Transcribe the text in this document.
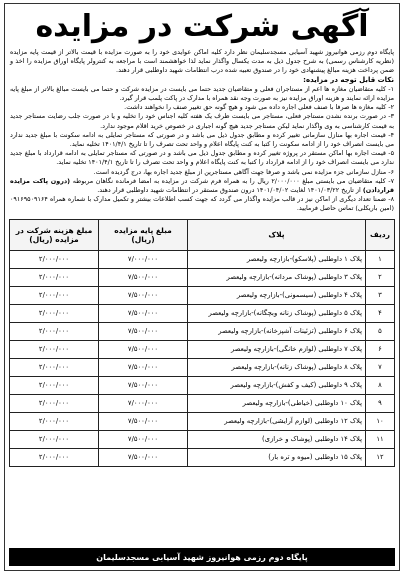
آگهی شرکت در مزایده

پایگاه دوم رزمی هوانیروز شهید آسیابی مسجدسلیمان نظر دارد کلیه اماکن عوایدی خود را به صورت مزایده با قیمت بالاتر از قیمت پایه مزایده (نظریه کارشناس رسمی) به شرح جدول ذیل به مدت یکسال واگذار نماید لذا خواهشمند است با مراجعه به کنترولر پایگاه اوراق مزایده را اخذ و ضمن پرداخت هزینه مبالغ پیشنهادی خود را در صندوق تعبیه شده درب انتظامات شهید داوطلبی قرار دهند.

نکات قابل توجه در مزایده:

۱- کلیه متقاضیان مغازه ها اعم از مستاجران فعلی و متقاضیان جدید حتما می بایست در مزایده شرکت و حتما می بایست مبالغ بالاتر از مبلغ پایه مزایده ارائه نمایند و هزینه اوراق مزایده نیز به صورت وجه نقد همراه با مدارک در پاکت پلمب قرار گیرد.

۲- کلیه مغازه ها صرفا با صنف فعلی اجاره داده می شود و هیچ گونه حق تغییر صنف را نخواهند داشت.

۳- در صورت برنده نشدن مستاجر فعلی، مستاجر می بایست ظرف یک هفته کلیه اجناس خود را تخلیه و یا در صورت جلب رضایت مستاجر جدید به قیمت کارشناسی به وی واگذار نماید لیکن مستاجر جدید هیچ گونه اجباری در خصوص خرید اقلام موجود ندارد.

۴- قیمت اجاره بها منازل سازمانی تغییر کرده و مطابق جدول ذیل می باشد و در صورتی که مستاجر تمایلی به ادامه سکونت با مبلغ جدید ندارد می بایست انصراف خود را از ادامه سکونت را کتبا به کنت پایگاه اعلام و واحد تحت تصرف را تا تاریخ ۱۴۰۱/۴/۱ تخلیه نماید.

۵- قیمت اجاره بها اماکن مستقر در پروژه تغییر کرده و مطابق جدول ذیل می باشد و در صورتی که مستاجر تمایلی به ادامه قرارداد با مبلغ جدید ندارد می بایست انصراف خود را از ادامه قرارداد را کتبا به کنت پایگاه اعلام و واحد تحت تصرف را تا تاریخ ۱۴۰۱/۴/۱ تخلیه نماید.

۶- منازل سازمانی جزء مزایده نمی باشد و صرفا جهت آگاهی مستاجرین از مبلغ جدید اجاره بها، درج گردیده است.

۷- کلیه متقاضیان می بایستی مبلغ ۲/۰۰۰/۰۰۰ ریال را به همراه فرم شرکت در مزایده به امضا فرمانده نگاهان مربوطه (درون پاکت مزایده قراردادن) از تاریخ ۱۴۰۱/۰۳/۲۲ لغایت ۱۴۰۱/۰۴/۰۲ درون صندوق مستقر در انتظامات شهید داوطلبی قرار دهند.

۸- ضمنا تعداد دیگری از اماکن نیز در قالب مزایده واگذار می گردد که جهت کسب اطلاعات بیشتر و تکمیل مدارک با شماره همراه ۰۹۱۶۹۵۰۹۱۶۴ (امین باریکلی) تماس حاصل فرمایید.

ردیف	پلاک	مبلغ پایه مزایده (ریال)	مبلغ هزینه شرکت در مزایده (ریال)
۱	پلاک ۱ داوطلبی (پلاسکو)-بازارچه ولیعصر	۷/۰۰۰/۰۰۰	۲/۰۰۰/۰۰۰
۲	پلاک ۳ داوطلبی (پوشاک مردانه)-بازارچه ولیعصر	۷/۵۰۰/۰۰۰	۲/۰۰۰/۰۰۰
۳	پلاک ۴ داوطلبی (سیسمونی)-بازارچه ولیعصر	۷/۵۰۰/۰۰۰	۲/۰۰۰/۰۰۰
۴	پلاک ۵ داوطلبی (پوشاک زنانه وبچگانه)-بازارچه ولیعصر	۷/۵۰۰/۰۰۰	۲/۰۰۰/۰۰۰
۵	پلاک ۶ داوطلبی (تزئینات آشپزخانه)-بازارچه ولیعصر	۷/۵۰۰/۰۰۰	۲/۰۰۰/۰۰۰
۶	پلاک ۷ داوطلبی (لوازم خانگی)-بازارچه ولیعصر	۷/۵۰۰/۰۰۰	۲/۰۰۰/۰۰۰
۷	پلاک ۸ داوطلبی (پوشاک زنانه)-بازارچه ولیعصر	۷/۵۰۰/۰۰۰	۲/۰۰۰/۰۰۰
۸	پلاک ۹ داوطلبی (کیف و کفش)-بازارچه ولیعصر	۷/۵۰۰/۰۰۰	۲/۰۰۰/۰۰۰
۹	پلاک ۱۰ داوطلبی (خیاطی)-بازارچه ولیعصر	۷/۰۰۰/۰۰۰	۲/۰۰۰/۰۰۰
۱۰	پلاک ۱۲ داوطلبی (لوازم آرایشی)-بازارچه ولیعصر	۷/۵۰۰/۰۰۰	۲/۰۰۰/۰۰۰
۱۱	پلاک ۱۴ داوطلبی (پوشاک و خرازی)	۷/۵۰۰/۰۰۰	۲/۰۰۰/۰۰۰
۱۲	پلاک ۱۵ داوطلبی (میوه و تره بار)	۷/۵۰۰/۰۰۰	۲/۰۰۰/۰۰۰
پایگاه دوم رزمی هوانیروز شهید آسیابی مسجدسلیمان
